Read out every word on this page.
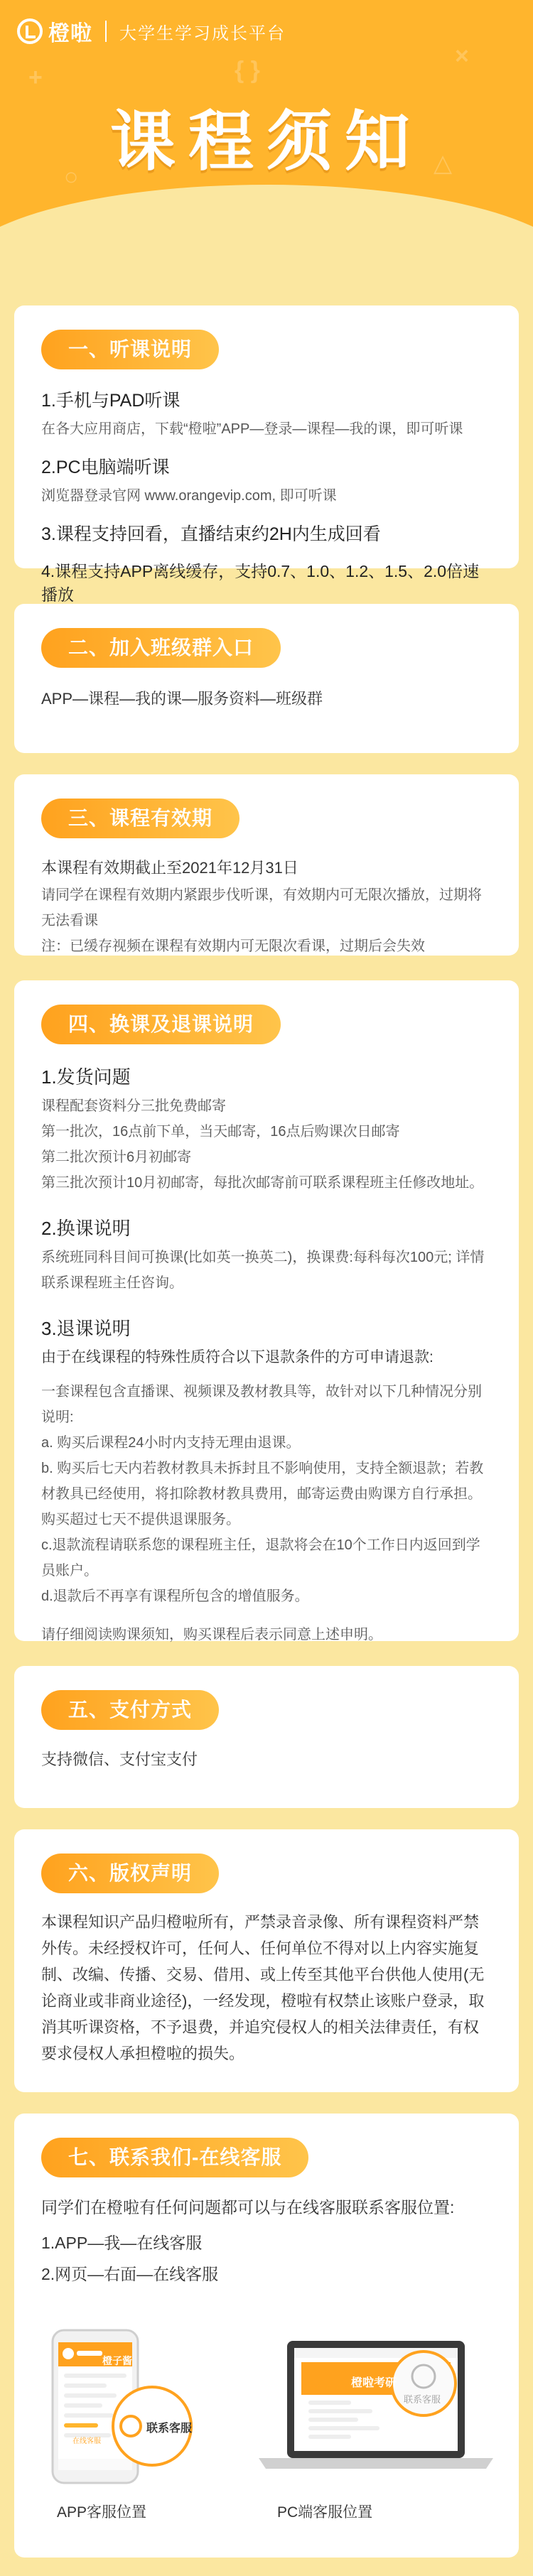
+
×
△
○
{ }
橙啦 大学生学习成长平台
课程须知
一、听课说明
1.手机与PAD听课
在各大应用商店，下载“橙啦”APP—登录—课程—我的课，即可听课
2.PC电脑端听课
浏览器登录官网 www.orangevip.com, 即可听课
3.课程支持回看，直播结束约2H内生成回看
4.课程支持APP离线缓存，支持0.7、1.0、1.2、1.5、2.0倍速播放
二、加入班级群入口
APP—课程—我的课—服务资料—班级群
三、课程有效期
本课程有效期截止至2021年12月31日
请同学在课程有效期内紧跟步伐听课，有效期内可无限次播放，过期将无法看课
注：已缓存视频在课程有效期内可无限次看课，过期后会失效
四、换课及退课说明
1.发货问题
课程配套资料分三批免费邮寄
第一批次，16点前下单，当天邮寄，16点后购课次日邮寄
第二批次预计6月初邮寄
第三批次预计10月初邮寄，每批次邮寄前可联系课程班主任修改地址。
2.换课说明
系统班同科目间可换课(比如英一换英二)，换课费:每科每次100元; 详情联系课程班主任咨询。
3.退课说明
由于在线课程的特殊性质符合以下退款条件的方可申请退款:
一套课程包含直播课、视频课及教材教具等，故针对以下几种情况分别说明:
a. 购买后课程24小时内支持无理由退课。
b. 购买后七天内若教材教具未拆封且不影响使用，支持全额退款；若教材教具已经使用，将扣除教材教具费用，邮寄运费由购课方自行承担。购买超过七天不提供退课服务。
c.退款流程请联系您的课程班主任，退款将会在10个工作日内返回到学员账户。
d.退款后不再享有课程所包含的增值服务。
请仔细阅读购课须知，购买课程后表示同意上述申明。
五、支付方式
支持微信、支付宝支付
六、版权声明
本课程知识产品归橙啦所有，严禁录音录像、所有课程资料严禁外传。未经授权许可，任何人、任何单位不得对以上内容实施复制、改编、传播、交易、借用、或上传至其他平台供他人使用(无论商业或非商业途径)，一经发现，橙啦有权禁止该账户登录，取消其听课资格，不予退费，并追究侵权人的相关法律责任，有权要求侵权人承担橙啦的损失。
七、联系我们-在线客服
同学们在橙啦有任何问题都可以与在线客服联系客服位置:
1.APP—我—在线客服
2.网页—右面—在线客服
橙子酱
在线客服
联系客服
橙啦考研
联系客服
APP客服位置	PC端客服位置
